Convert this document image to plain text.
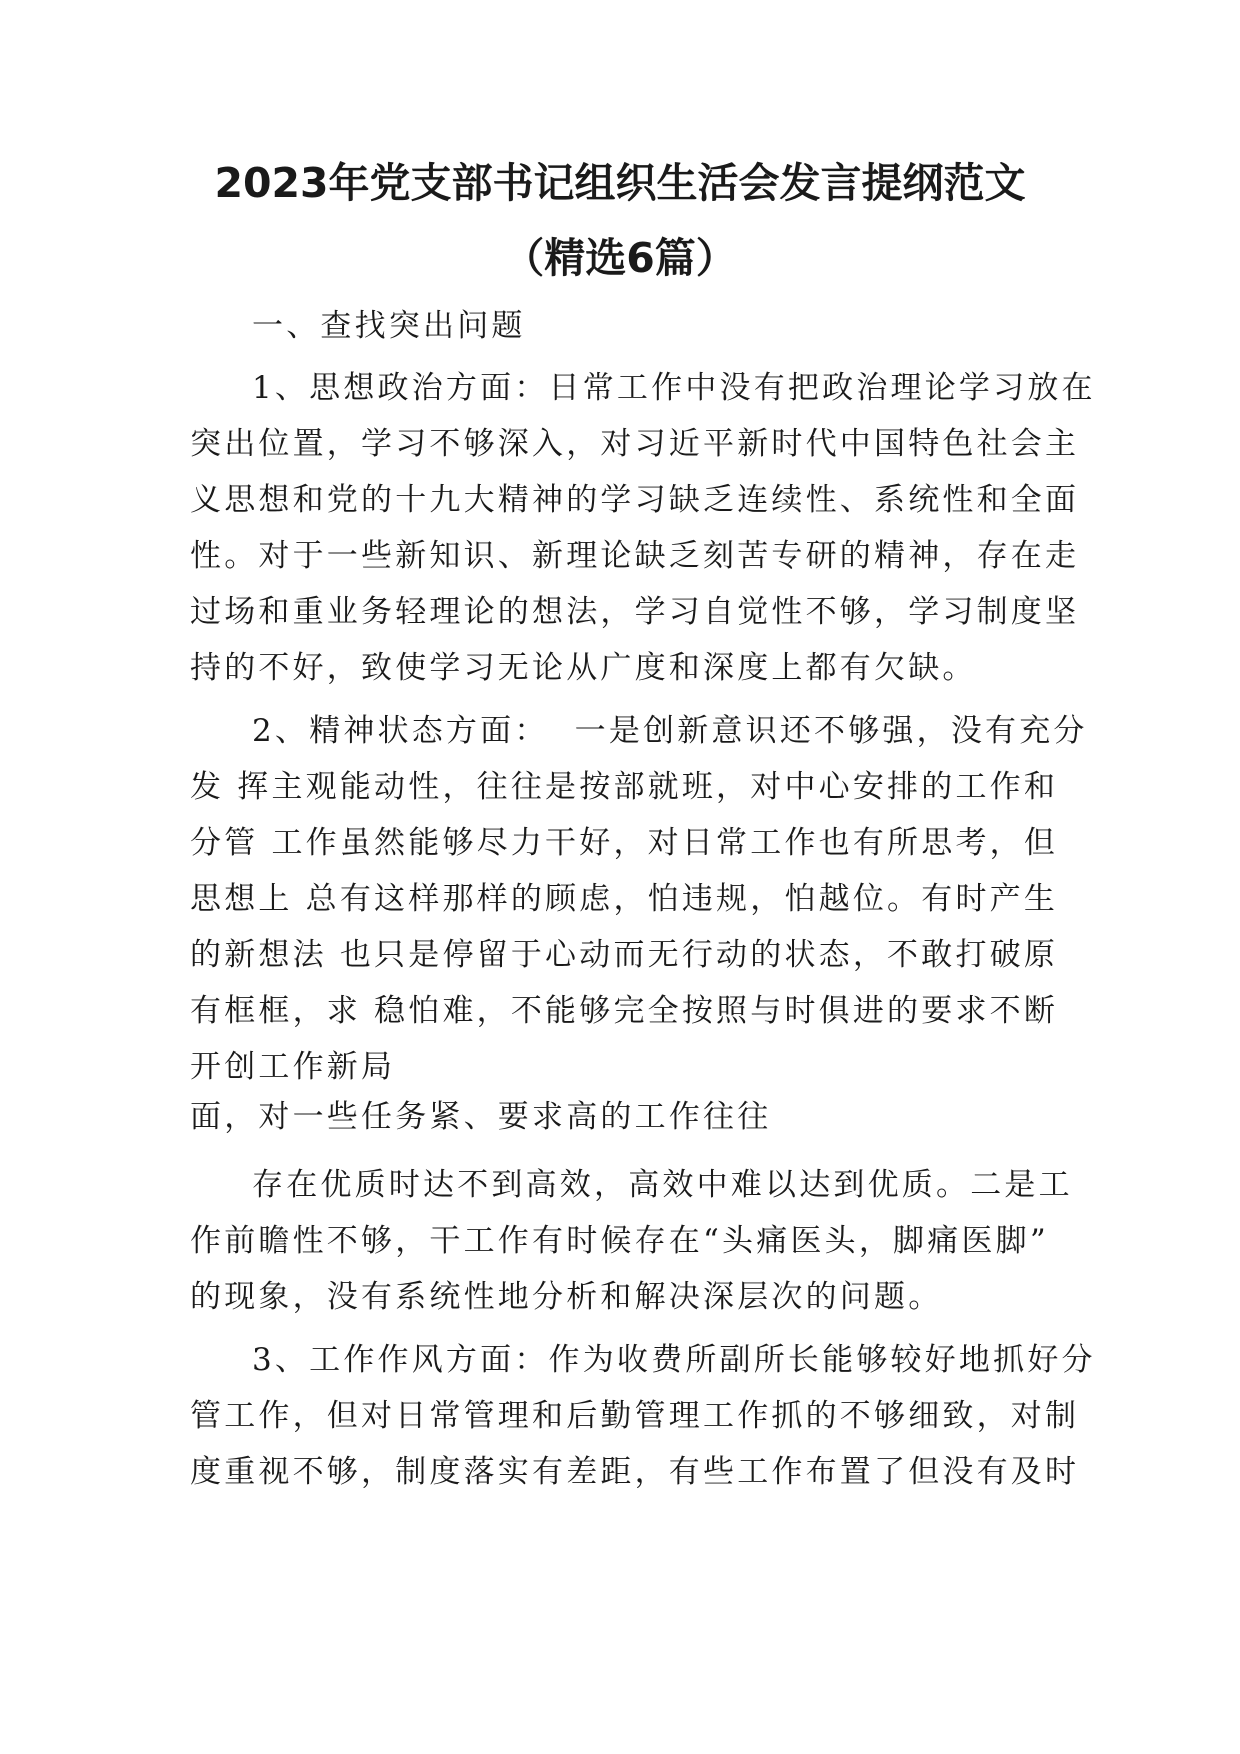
2023年党支部书记组织生活会发言提纲范文
（精选6篇）

一、查找突出问题

1、思想政治方面：日常工作中没有把政治理论学习放在

突出位置，学习不够深入，对习近平新时代中国特色社会主

义思想和党的十九大精神的学习缺乏连续性、系统性和全面

性。对于一些新知识、新理论缺乏刻苦专研的精神，存在走

过场和重业务轻理论的想法，学习自觉性不够，学习制度坚

持的不好，致使学习无论从广度和深度上都有欠缺。

2、精神状态方面：  一是创新意识还不够强，没有充分

发 挥主观能动性，往往是按部就班，对中心安排的工作和

分管 工作虽然能够尽力干好，对日常工作也有所思考，但

思想上 总有这样那样的顾虑，怕违规，怕越位。有时产生

的新想法 也只是停留于心动而无行动的状态，不敢打破原

有框框，求 稳怕难，不能够完全按照与时俱进的要求不断

开创工作新局

面，对一些任务紧、要求高的工作往往

存在优质时达不到高效，高效中难以达到优质。二是工

作前瞻性不够，干工作有时候存在“头痛医头，脚痛医脚”

的现象，没有系统性地分析和解决深层次的问题。

3、工作作风方面：作为收费所副所长能够较好地抓好分

管工作，但对日常管理和后勤管理工作抓的不够细致，对制

度重视不够，制度落实有差距，有些工作布置了但没有及时
